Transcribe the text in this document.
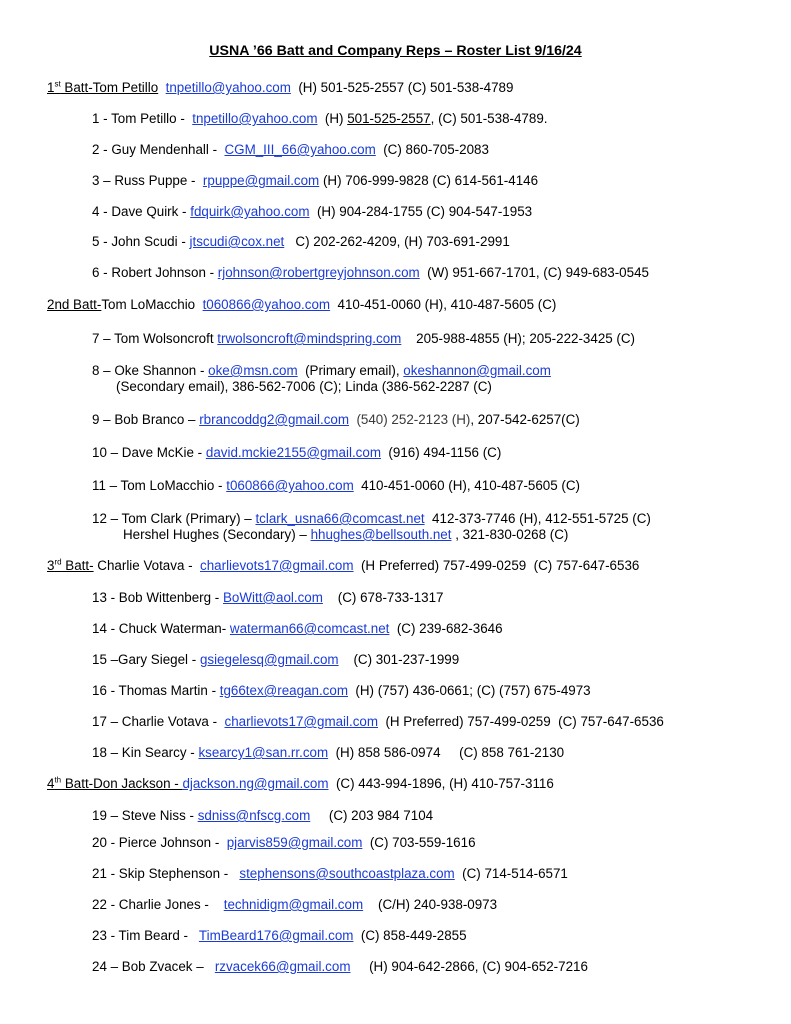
USNA ’66 Batt and Company Reps – Roster List 9/16/24
1st Batt-Tom Petillo tnpetillo@yahoo.com  (H) 501-525-2557 (C) 501-538-4789
1 - Tom Petillo -  tnpetillo@yahoo.com  (H) 501-525-2557, (C) 501-538-4789.
2 - Guy Mendenhall -  CGM_III_66@yahoo.com  (C) 860-705-2083
3 – Russ Puppe -  rpuppe@gmail.com (H) 706-999-9828 (C) 614-561-4146
4 - Dave Quirk - fdquirk@yahoo.com  (H) 904-284-1755 (C) 904-547-1953
5 - John Scudi - jtscudi@cox.net   C) 202-262-4209, (H) 703-691-2991
6 - Robert Johnson - rjohnson@robertgreyjohnson.com  (W) 951-667-1701, (C) 949-683-0545
2nd Batt-Tom LoMacchio  t060866@yahoo.com  410-451-0060 (H), 410-487-5605 (C)
7 – Tom Wolsoncroft trwolsoncroft@mindspring.com    205-988-4855 (H); 205-222-3425 (C)
8 – Oke Shannon - oke@msn.com  (Primary email), okeshannon@gmail.com
(Secondary email), 386-562-7006 (C); Linda (386-562-2287 (C)
9 – Bob Branco – rbrancoddg2@gmail.com  (540) 252-2123 (H), 207-542-6257(C)
10 – Dave McKie - david.mckie2155@gmail.com  (916) 494-1156 (C)
11 – Tom LoMacchio - t060866@yahoo.com  410-451-0060 (H), 410-487-5605 (C)
12 – Tom Clark (Primary) – tclark_usna66@comcast.net  412-373-7746 (H), 412-551-5725 (C)
Hershel Hughes (Secondary) – hhughes@bellsouth.net , 321-830-0268 (C)
3rd Batt- Charlie Votava -  charlievots17@gmail.com  (H Preferred) 757-499-0259  (C) 757-647-6536
13 - Bob Wittenberg - BoWitt@aol.com    (C) 678-733-1317
14 - Chuck Waterman- waterman66@comcast.net  (C) 239-682-3646
15 –Gary Siegel - gsiegelesq@gmail.com    (C) 301-237-1999
16 - Thomas Martin - tg66tex@reagan.com  (H) (757) 436-0661; (C) (757) 675-4973
17 – Charlie Votava -  charlievots17@gmail.com  (H Preferred) 757-499-0259  (C) 757-647-6536
18 – Kin Searcy - ksearcy1@san.rr.com  (H) 858 586-0974     (C) 858 761-2130
4th Batt-Don Jackson - djackson.ng@gmail.com  (C) 443-994-1896, (H) 410-757-3116
19 – Steve Niss - sdniss@nfscg.com     (C) 203 984 7104
20 - Pierce Johnson -  pjarvis859@gmail.com  (C) 703-559-1616
21 - Skip Stephenson -   stephensons@southcoastplaza.com  (C) 714-514-6571
22 - Charlie Jones -    technidigm@gmail.com    (C/H) 240-938-0973
23 - Tim Beard -   TimBeard176@gmail.com  (C) 858-449-2855
24 – Bob Zvacek –   rzvacek66@gmail.com     (H) 904-642-2866, (C) 904-652-7216
